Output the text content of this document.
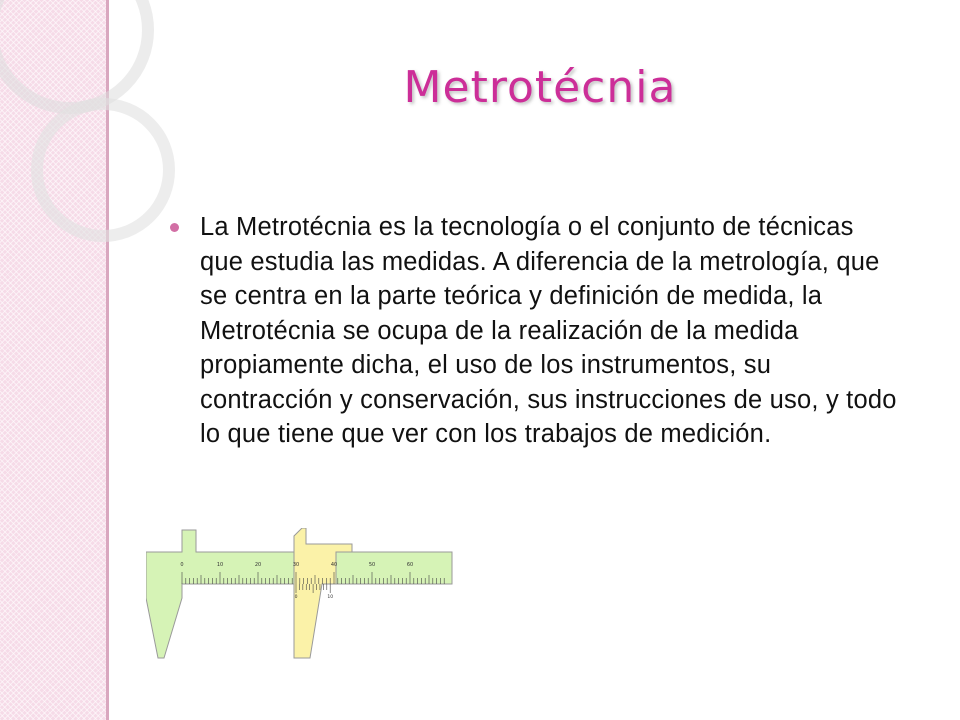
Metrotécnia

La Metrotécnia es la tecnología o el conjunto de técnicas que estudia las medidas. A diferencia de la metrología, que se centra en la parte teórica y definición de medida, la Metrotécnia se ocupa de la realización de la medida propiamente dicha, el uso de los instrumentos, su contracción y conservación, sus instrucciones de uso, y todo lo que tiene que ver con los trabajos de medición.

0	10	20	30	40	50	60
0	10
